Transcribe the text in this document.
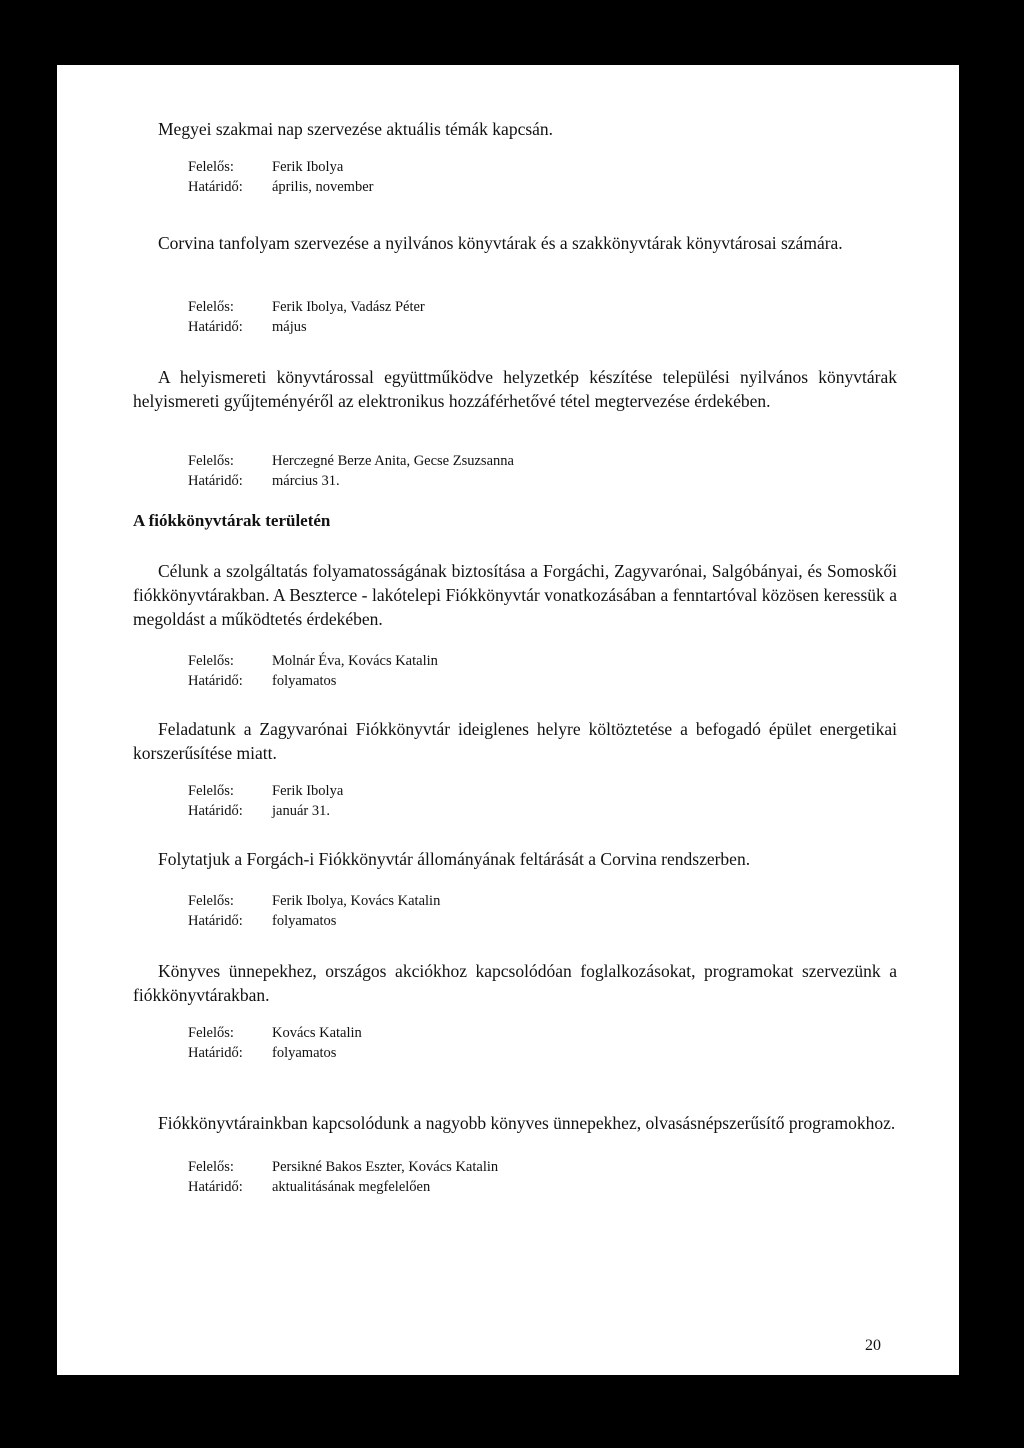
Megyei szakmai nap szervezése aktuális témák kapcsán.

Felelős:	Ferik Ibolya
Határidő:	április, november

Corvina tanfolyam szervezése a nyilvános könyvtárak és a szakkönyvtárak könyvtárosai számára.

Felelős:	Ferik Ibolya, Vadász Péter
Határidő:	május

A helyismereti könyvtárossal együttműködve helyzetkép készítése települési nyilvános könyvtárak helyismereti gyűjteményéről az elektronikus hozzáférhetővé tétel megtervezése érdekében.

Felelős:	Herczegné Berze Anita, Gecse Zsuzsanna
Határidő:	március 31.
A fiókkönyvtárak területén

Célunk a szolgáltatás folyamatosságának biztosítása a Forgáchi, Zagyvarónai, Salgóbányai, és Somoskői fiókkönyvtárakban. A Beszterce - lakótelepi Fiókkönyvtár vonatkozásában a fenntartóval közösen keressük a megoldást a működtetés érdekében.

Felelős:	Molnár Éva, Kovács Katalin
Határidő:	folyamatos

Feladatunk a Zagyvarónai Fiókkönyvtár ideiglenes helyre költöztetése a befogadó épület energetikai korszerűsítése miatt.

Felelős:	Ferik Ibolya
Határidő:	január 31.

Folytatjuk a Forgách-i Fiókkönyvtár állományának feltárását a Corvina rendszerben.

Felelős:	Ferik Ibolya, Kovács Katalin
Határidő:	folyamatos

Könyves ünnepekhez, országos akciókhoz kapcsolódóan foglalkozásokat, programokat szervezünk a fiókkönyvtárakban.

Felelős:	Kovács Katalin
Határidő:	folyamatos

Fiókkönyvtárainkban kapcsolódunk a nagyobb könyves ünnepekhez, olvasásnépszerűsítő programokhoz.

Felelős:	Persikné Bakos Eszter, Kovács Katalin
Határidő:	aktualitásának megfelelően
20
